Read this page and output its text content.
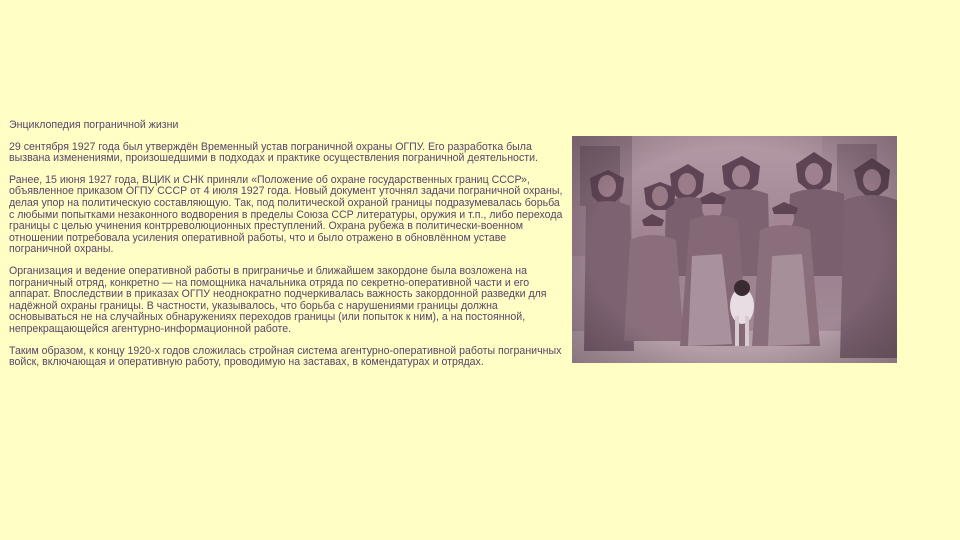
Энциклопедия пограничной жизни

29 сентября 1927 года был утверждён Временный устав пограничной охраны ОГПУ. Его разработка была вызвана изменениями, произошедшими в подходах и практике осуществления пограничной деятельности.

Ранее, 15 июня 1927 года, ВЦИК и СНК приняли «Положение об охране государственных границ СССР», объявленное приказом ОГПУ СССР от 4 июля 1927 года. Новый документ уточнял задачи пограничной охраны, делая упор на политическую составляющую. Так, под политической охраной границы подразумевалась борьба с любыми попытками незаконного водворения в пределы Союза ССР литературы, оружия и т.п., либо перехода границы с целью учинения контрреволюционных преступлений. Охрана рубежа в политически-военном отношении потребовала усиления оперативной работы, что и было отражено в обновлённом уставе пограничной охраны.

Организация и ведение оперативной работы в приграничье и ближайшем закордоне была возложена на пограничный отряд, конкретно — на помощника начальника отряда по секретно-оперативной части и его аппарат. Впоследствии в приказах ОГПУ неоднократно подчеркивалась важность закордонной разведки для надёжной охраны границы. В частности, указывалось, что борьба с нарушениями границы должна основываться не на случайных обнаружениях переходов границы (или попыток к ним), а на постоянной, непрекращающейся агентурно-информационной работе.

Таким образом, к концу 1920-х годов сложилась стройная система агентурно-оперативной работы пограничных войск, включающая и оперативную работу, проводимую на заставах, в комендатурах и отрядах.
